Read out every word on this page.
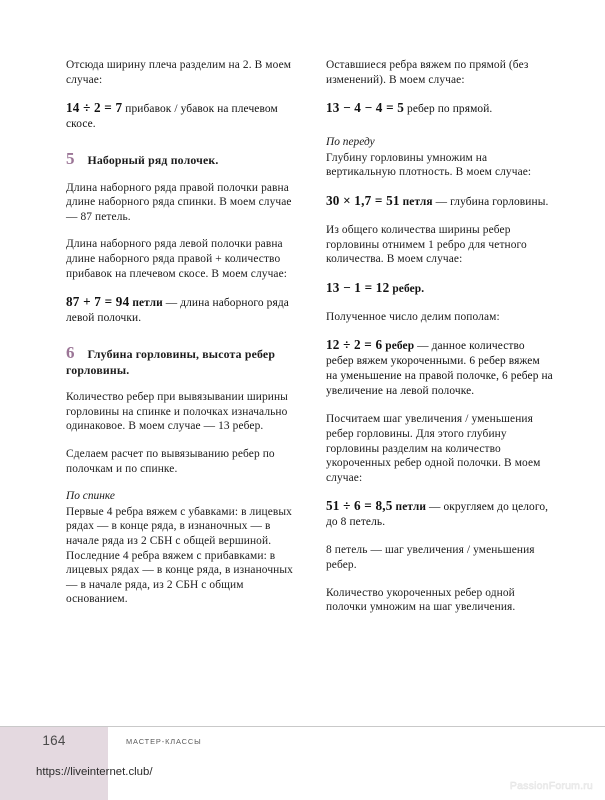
Отсюда ширину плеча разделим на 2. В моем случае:

14 ÷ 2 = 7 прибавок / убавок на плечевом скосе.

5 Наборный ряд полочек.

Длина наборного ряда правой полочки равна длине наборного ряда спинки. В моем случае — 87 петель.

Длина наборного ряда левой полочки равна длине наборного ряда правой + количество прибавок на плечевом скосе. В моем случае:

87 + 7 = 94 петли — длина наборного ряда левой полочки.

6 Глубина горловины, высота ребер горловины.

Количество ребер при вывязывании ширины горловины на спинке и полочках изначально одинаковое. В моем случае — 13 ребер.

Сделаем расчет по вывязыванию ребер по полочкам и по спинке.

По спинке

Первые 4 ребра вяжем с убавками: в лицевых рядах — в конце ряда, в изнаночных — в начале ряда из 2 СБН с общей вершиной. Последние 4 ребра вяжем с прибавками: в лицевых рядах — в конце ряда, в изнаночных — в начале ряда, из 2 СБН с общим основанием.

Оставшиеся ребра вяжем по прямой (без изменений). В моем случае:

13 − 4 − 4 = 5 ребер по прямой.

По переду

Глубину горловины умножим на вертикальную плотность. В моем случае:

30 × 1,7 = 51 петля — глубина горловины.

Из общего количества ширины ребер горловины отнимем 1 ребро для четного количества. В моем случае:

13 − 1 = 12 ребер.

Полученное число делим пополам:

12 ÷ 2 = 6 ребер — данное количество ребер вяжем укороченными. 6 ребер вяжем на уменьшение на правой полочке, 6 ребер на увеличение на левой полочке.

Посчитаем шаг увеличения / уменьшения ребер горловины. Для этого глубину горловины разделим на количество укороченных ребер одной полочки. В моем случае:

51 ÷ 6 = 8,5 петли — округляем до целого, до 8 петель.

8 петель — шаг увеличения / уменьшения ребер.

Количество укороченных ребер одной полочки умножим на шаг увеличения.

164	МАСТЕР-КЛАССЫ
https://liveinternet.club/
PassionForum.ru
